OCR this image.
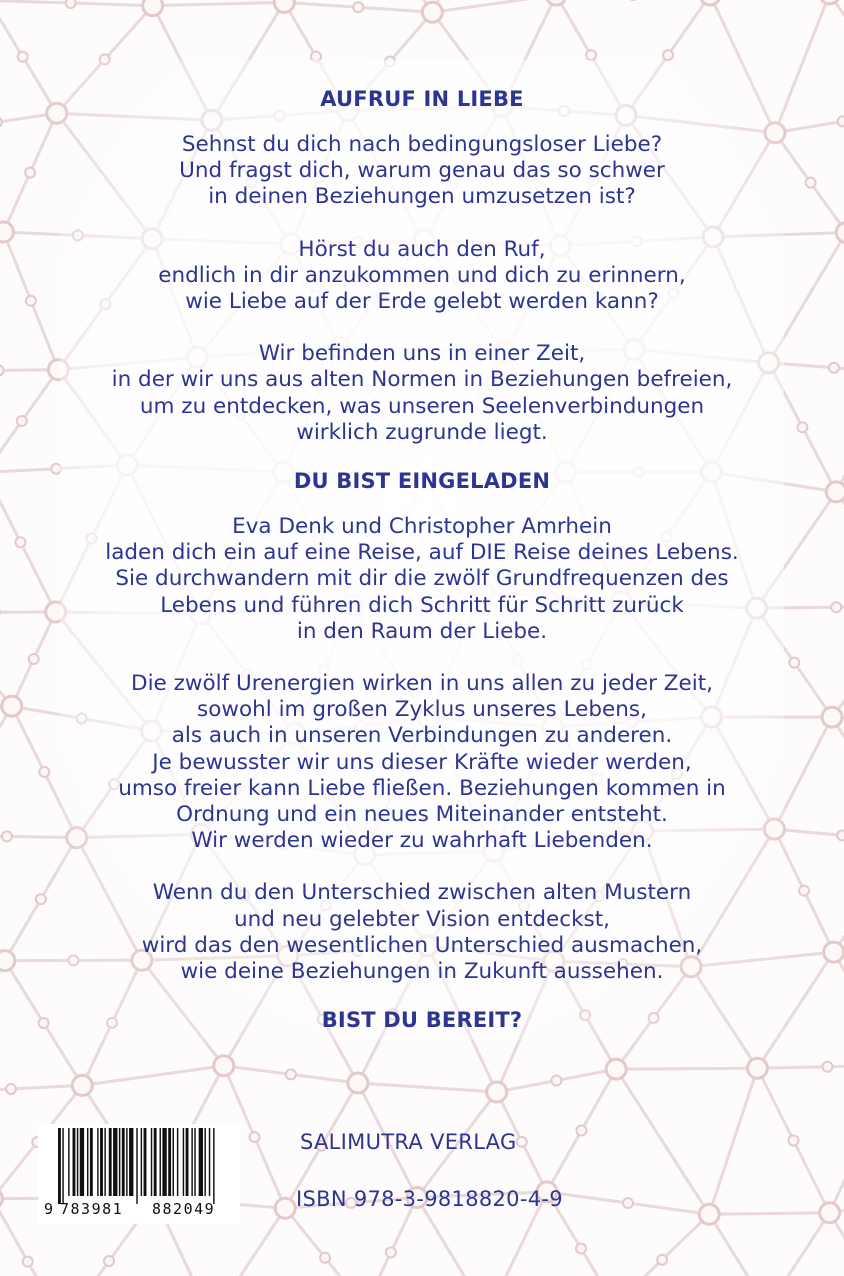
AUFRUF IN LIEBE
Sehnst du dich nach bedingungsloser Liebe?
Und fragst dich, warum genau das so schwer
in deinen Beziehungen umzusetzen ist?
Hörst du auch den Ruf,
endlich in dir anzukommen und dich zu erinnern,
wie Liebe auf der Erde gelebt werden kann?
Wir befinden uns in einer Zeit,
in der wir uns aus alten Normen in Beziehungen befreien,
um zu entdecken, was unseren Seelenverbindungen
wirklich zugrunde liegt.
DU BIST EINGELADEN
Eva Denk und Christopher Amrhein
laden dich ein auf eine Reise, auf DIE Reise deines Lebens.
Sie durchwandern mit dir die zwölf Grundfrequenzen des
Lebens und führen dich Schritt für Schritt zurück
in den Raum der Liebe.
Die zwölf Urenergien wirken in uns allen zu jeder Zeit,
sowohl im großen Zyklus unseres Lebens,
als auch in unseren Verbindungen zu anderen.
Je bewusster wir uns dieser Kräfte wieder werden,
umso freier kann Liebe fließen. Beziehungen kommen in
Ordnung und ein neues Miteinander entsteht.
Wir werden wieder zu wahrhaft Liebenden.
Wenn du den Unterschied zwischen alten Mustern
und neu gelebter Vision entdeckst,
wird das den wesentlichen Unterschied ausmachen,
wie deine Beziehungen in Zukunft aussehen.
BIST DU BEREIT?
9 783981 882049
SALIMUTRA VERLAG
ISBN 978-3-9818820-4-9
